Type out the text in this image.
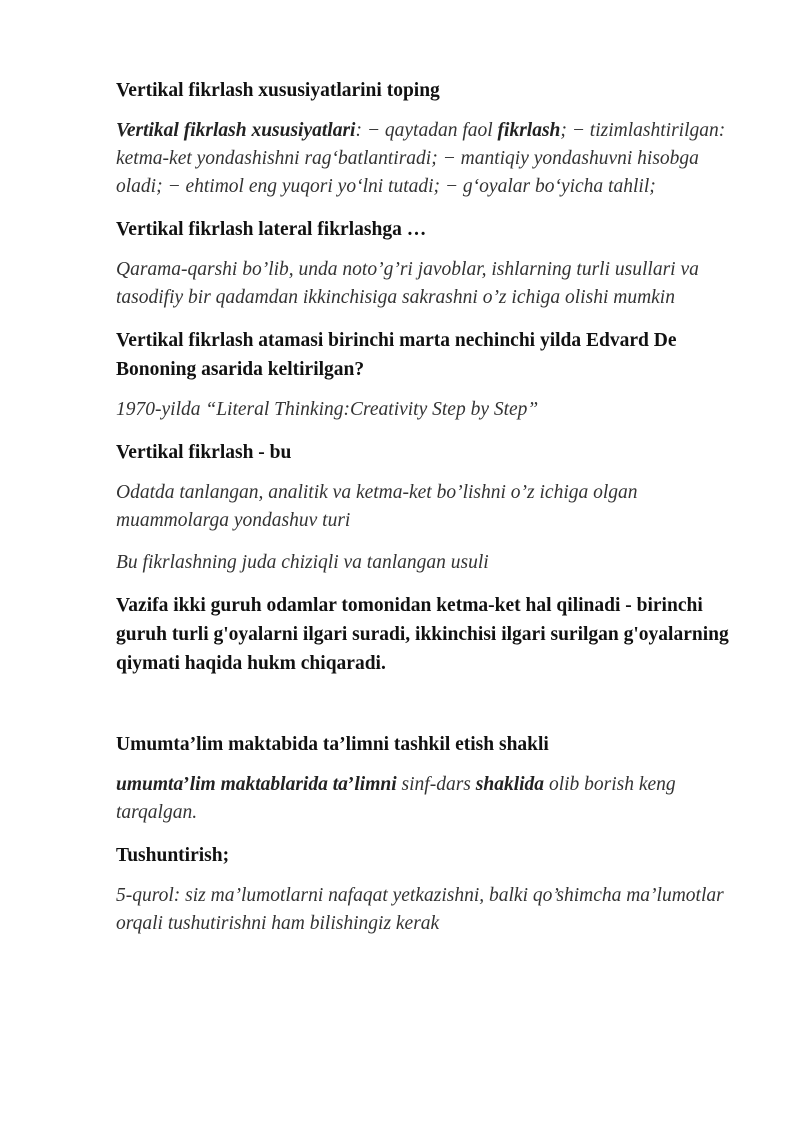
Vertikal fikrlash xususiyatlarini toping

Vertikal fikrlash xususiyatlari: − qaytadan faol fikrlash; − tizimlashtirilgan: ketma-ket yondashishni rag‘batlantiradi; − mantiqiy yondashuvni hisobga oladi; − ehtimol eng yuqori yo‘lni tutadi; − g‘oyalar bo‘yicha tahlil;

Vertikal fikrlash lateral fikrlashga …

Qarama-qarshi bo’lib, unda noto’g’ri javoblar, ishlarning turli usullari va tasodifiy bir qadamdan ikkinchisiga sakrashni o’z ichiga olishi mumkin

Vertikal fikrlash atamasi birinchi marta nechinchi yilda Edvard De Bononing asarida keltirilgan?

1970-yilda “Literal Thinking:Creativity Step by Step”

Vertikal fikrlash - bu

Odatda tanlangan, analitik va ketma-ket bo’lishni o’z ichiga olgan muammolarga yondashuv turi

Bu fikrlashning juda chiziqli va tanlangan usuli

Vazifa ikki guruh odamlar tomonidan ketma-ket hal qilinadi - birinchi guruh turli g'oyalarni ilgari suradi, ikkinchisi ilgari surilgan g'oyalarning qiymati haqida hukm chiqaradi.

Umumta’lim maktabida ta’limni tashkil etish shakli

umumta’lim maktablarida ta’limni sinf-dars shaklida olib borish keng tarqalgan.

Tushuntirish;

5-qurol: siz ma’lumotlarni nafaqat yetkazishni, balki qo’shimcha ma’lumotlar orqali tushutirishni ham bilishingiz kerak
